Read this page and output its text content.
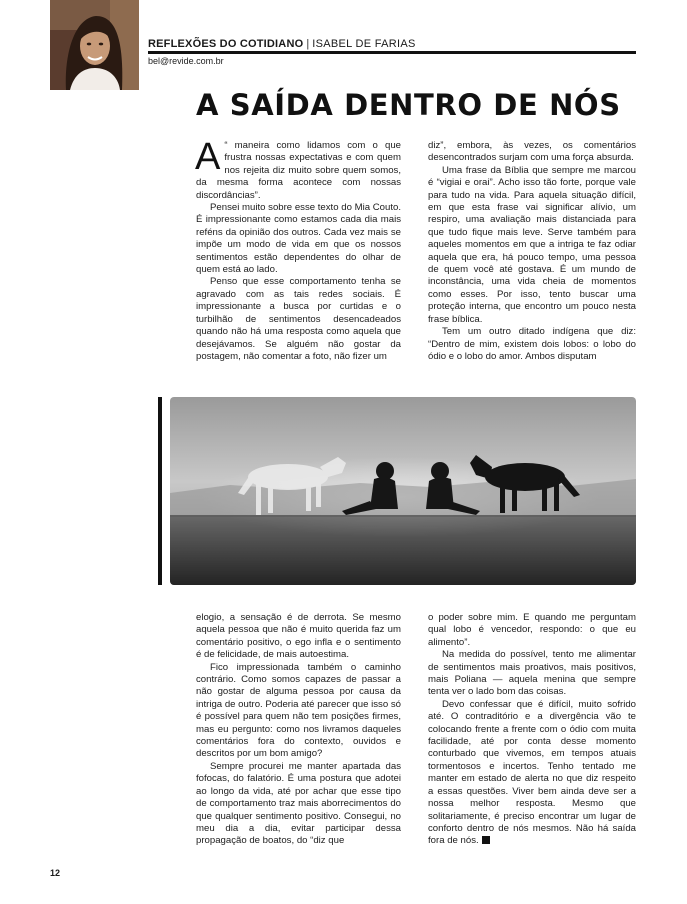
REFLEXÕES DO COTIDIANO | ISABEL DE FARIAS
bel@revide.com.br
A SAÍDA DENTRO DE NÓS

A “ maneira como lidamos com o que frustra nossas expectativas e com quem nos rejeita diz muito sobre quem somos, da mesma forma acontece com nossas discordâncias”.

Pensei muito sobre esse texto do Mia Couto. É impressionante como estamos cada dia mais reféns da opinião dos outros. Cada vez mais se impõe um modo de vida em que os nossos sentimentos estão dependentes do olhar de quem está ao lado.

Penso que esse comportamento tenha se agravado com as tais redes sociais. É impressionante a busca por curtidas e o turbilhão de sentimentos desencadeados quando não há uma resposta como aquela que desejávamos. Se alguém não gostar da postagem, não comentar a foto, não fizer um

diz”, embora, às vezes, os comentários desencontrados surjam com uma força absurda.

Uma frase da Bíblia que sempre me marcou é “vigiai e orai”. Acho isso tão forte, porque vale para tudo na vida. Para aquela situação difícil, em que esta frase vai significar alívio, um respiro, uma avaliação mais distanciada para que tudo fique mais leve. Serve também para aqueles momentos em que a intriga te faz odiar aquela que era, há pouco tempo, uma pessoa de quem você até gostava. É um mundo de inconstância, uma vida cheia de momentos como esses. Por isso, tento buscar uma proteção interna, que encontro um pouco nesta frase bíblica.

Tem um outro ditado indígena que diz: “Dentro de mim, existem dois lobos: o lobo do ódio e o lobo do amor. Ambos disputam

elogio, a sensação é de derrota. Se mesmo aquela pessoa que não é muito querida faz um comentário positivo, o ego infla e o sentimento é de felicidade, de mais autoestima.

Fico impressionada também o caminho contrário. Como somos capazes de passar a não gostar de alguma pessoa por causa da intriga de outro. Poderia até parecer que isso só é possível para quem não tem posições firmes, mas eu pergunto: como nos livramos daqueles comentários fora do contexto, ouvidos e descritos por um bom amigo?

Sempre procurei me manter apartada das fofocas, do falatório. É uma postura que adotei ao longo da vida, até por achar que esse tipo de comportamento traz mais aborrecimentos do que qualquer sentimento positivo. Consegui, no meu dia a dia, evitar participar dessa propagação de boatos, do “diz que

o poder sobre mim. E quando me perguntam qual lobo é vencedor, respondo: o que eu alimento”.

Na medida do possível, tento me alimentar de sentimentos mais proativos, mais positivos, mais Poliana — aquela menina que sempre tenta ver o lado bom das coisas.

Devo confessar que é difícil, muito sofrido até. O contraditório e a divergência vão te colocando frente a frente com o ódio com muita facilidade, até por conta desse momento conturbado que vivemos, em tempos atuais tormentosos e incertos. Tenho tentado me manter em estado de alerta no que diz respeito a essas questões. Viver bem ainda deve ser a nossa melhor resposta. Mesmo que solitariamente, é preciso encontrar um lugar de conforto dentro de nós mesmos. Não há saída fora de nós.

12
